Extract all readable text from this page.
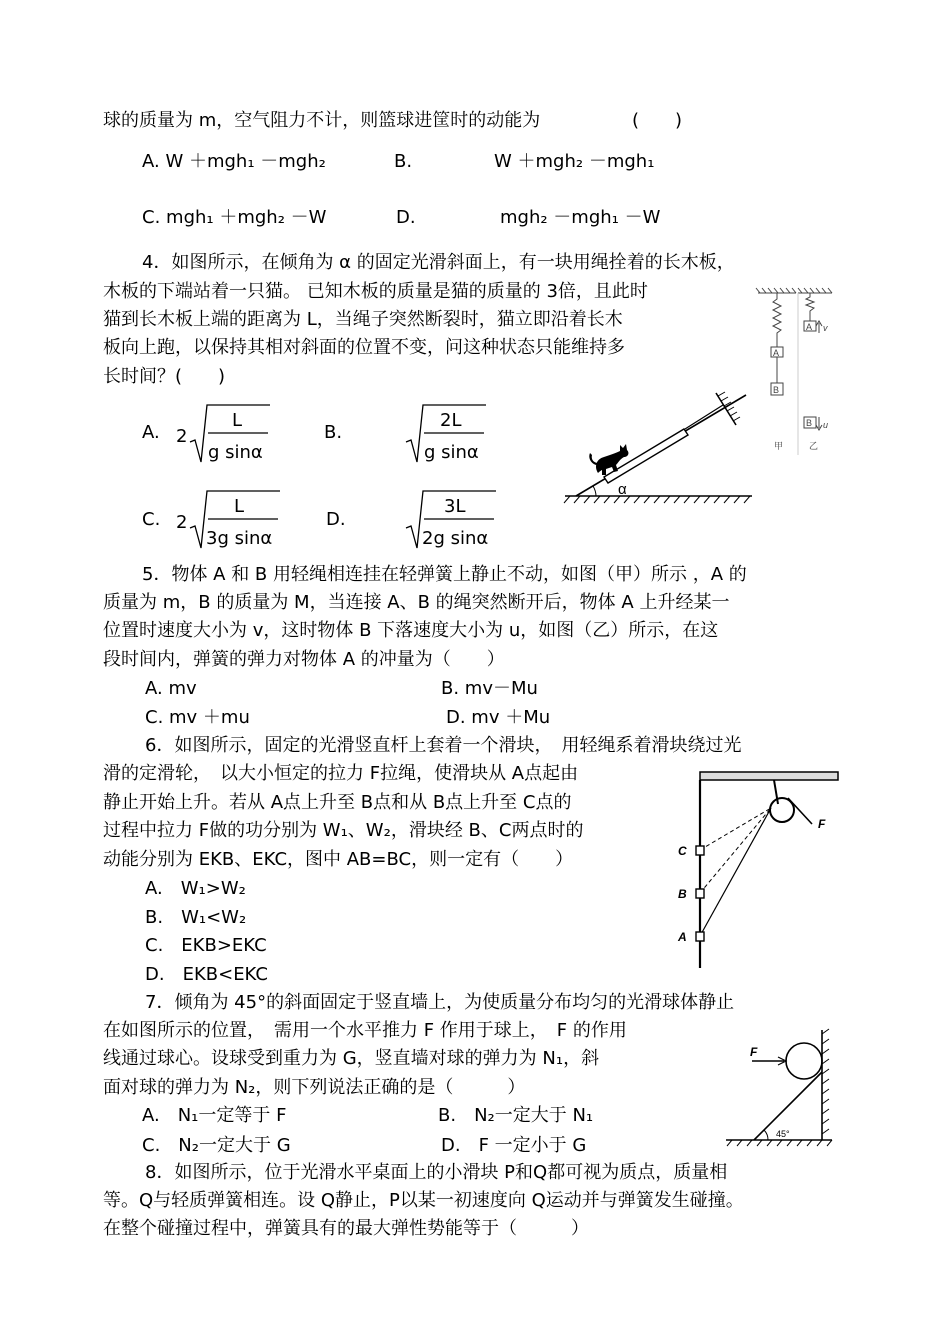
球的质量为 m，空气阻力不计，则篮球进筐时的动能为	(　　)
A. W ＋mgh₁ －mgh₂	B.	W ＋mgh₂ －mgh₁
C. mgh₁ ＋mgh₂ －W	D.	mgh₂ －mgh₁ －W
4．如图所示，在倾角为 α 的固定光滑斜面上，有一块用绳拴着的长木板，
木板的下端站着一只猫。 已知木板的质量是猫的质量的 3倍，且此时
猫到长木板上端的距离为 L，当绳子突然断裂时，猫立即沿着长木
板向上跑，以保持其相对斜面的位置不变，问这种状态只能维持多
长时间？(　　)
A. 2
L
g sinα
B.
2L
g sinα
C. 2
L
3g sinα
D.
3L
2g sinα
A
B
A v
B u
甲	乙
α
5．物体 A 和 B 用轻绳相连挂在轻弹簧上静止不动，如图（甲）所示 ，A 的
质量为 m，B 的质量为 M，当连接 A、B 的绳突然断开后，物体 A 上升经某一
位置时速度大小为 v，这时物体 B 下落速度大小为 u，如图（乙）所示，在这
段时间内，弹簧的弹力对物体 A 的冲量为（　　）
A. mv	B. mv－Mu
C. mv ＋mu	D. mv ＋Mu
6．如图所示，固定的光滑竖直杆上套着一个滑块，　用轻绳系着滑块绕过光
滑的定滑轮，　以大小恒定的拉力 F拉绳，使滑块从 A点起由
静止开始上升。若从 A点上升至 B点和从 B点上升至 C点的
过程中拉力 F做的功分别为 W₁、W₂，滑块经 B、C两点时的
动能分别为 EKB、EKC，图中 AB=BC，则一定有（　　）
A.　W₁>W₂
B.　W₁<W₂
C.　EKB>EKC
D.　EKB<EKC
F
C
B
A
7．倾角为 45°的斜面固定于竖直墙上，为使质量分布均匀的光滑球体静止
在如图所示的位置，　需用一个水平推力 F 作用于球上，　F 的作用
线通过球心。设球受到重力为 G，竖直墙对球的弹力为 N₁，斜
面对球的弹力为 N₂，则下列说法正确的是（　　　）
A.　N₁一定等于 F	B.　N₂一定大于 N₁
C.　N₂一定大于 G	D.　F 一定小于 G
F
45°
8．如图所示，位于光滑水平桌面上的小滑块 P和Q都可视为质点，质量相
等。Q与轻质弹簧相连。设 Q静止，P以某一初速度向 Q运动并与弹簧发生碰撞。
在整个碰撞过程中，弹簧具有的最大弹性势能等于（　　　）
